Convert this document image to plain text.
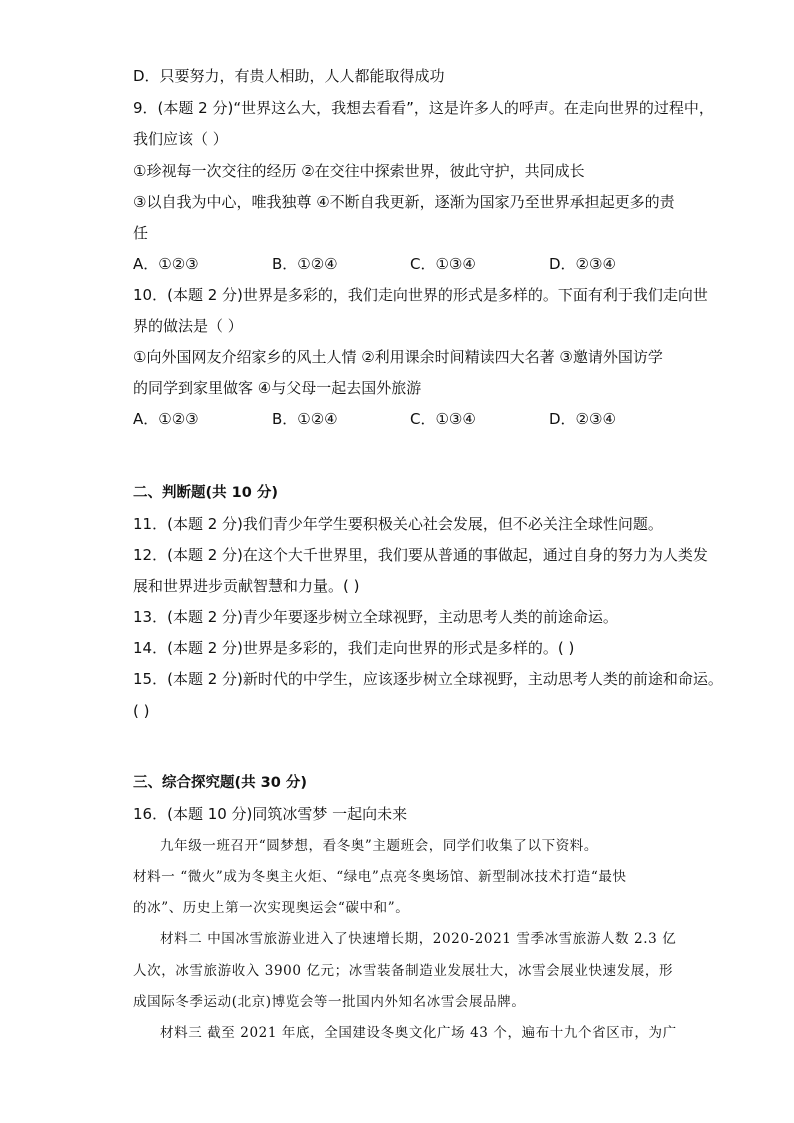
D．只要努力，有贵人相助，人人都能取得成功
9．(本题 2 分)“世界这么大，我想去看看”，这是许多人的呼声。在走向世界的过程中，
我们应该（ ）
①珍视每一次交往的经历 ②在交往中探索世界，彼此守护，共同成长
③以自我为中心，唯我独尊 ④不断自我更新，逐渐为国家乃至世界承担起更多的责
任
A．①②③	B．①②④	C．①③④	D．②③④
10．(本题 2 分)世界是多彩的，我们走向世界的形式是多样的。下面有利于我们走向世
界的做法是（ ）
①向外国网友介绍家乡的风土人情 ②利用课余时间精读四大名著 ③邀请外国访学
的同学到家里做客 ④与父母一起去国外旅游
A．①②③	B．①②④	C．①③④	D．②③④
二、判断题(共 10 分)
11．(本题 2 分)我们青少年学生要积极关心社会发展，但不必关注全球性问题。
12．(本题 2 分)在这个大千世界里，我们要从普通的事做起，通过自身的努力为人类发
展和世界进步贡献智慧和力量。( )
13．(本题 2 分)青少年要逐步树立全球视野，主动思考人类的前途命运。
14．(本题 2 分)世界是多彩的，我们走向世界的形式是多样的。( )
15．(本题 2 分)新时代的中学生，应该逐步树立全球视野，主动思考人类的前途和命运。
( )
三、综合探究题(共 30 分)
16．(本题 10 分)同筑冰雪梦 一起向未来
九年级一班召开“圆梦想，看冬奥”主题班会，同学们收集了以下资料。
材料一 “微火”成为冬奥主火炬、“绿电”点亮冬奥场馆、新型制冰技术打造“最快
的冰”、历史上第一次实现奥运会“碳中和”。
材料二 中国冰雪旅游业进入了快速增长期，2020-2021 雪季冰雪旅游人数 2.3 亿
人次，冰雪旅游收入 3900 亿元；冰雪装备制造业发展壮大，冰雪会展业快速发展，形
成国际冬季运动(北京)博览会等一批国内外知名冰雪会展品牌。
材料三 截至 2021 年底，全国建设冬奥文化广场 43 个，遍布十九个省区市，为广
